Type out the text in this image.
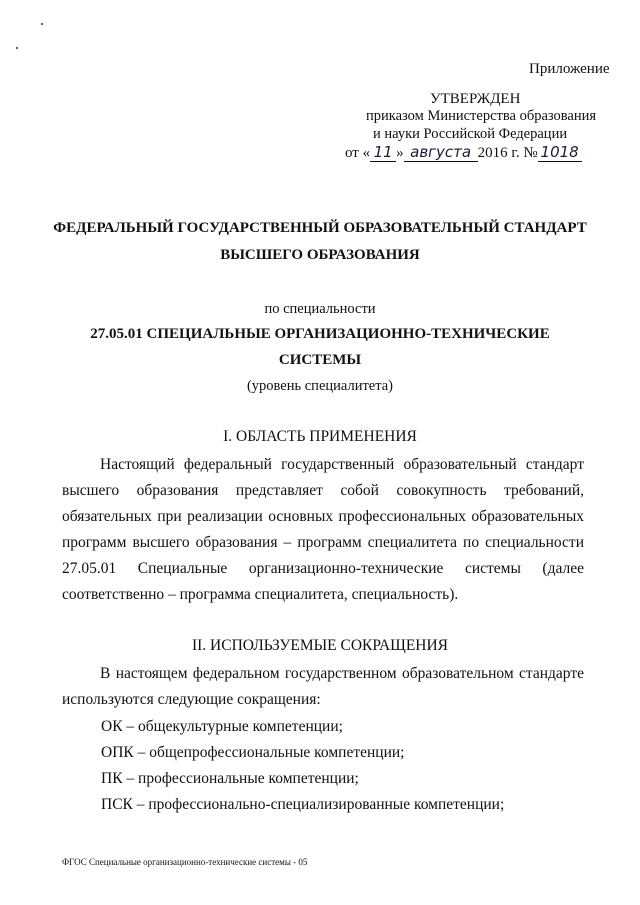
Приложение
УТВЕРЖДЕН
приказом Министерства образования
и науки Российской Федерации
от « 11 » августа 2016 г. № 1018
ФЕДЕРАЛЬНЫЙ ГОСУДАРСТВЕННЫЙ ОБРАЗОВАТЕЛЬНЫЙ СТАНДАРТ
ВЫСШЕГО ОБРАЗОВАНИЯ
по специальности
27.05.01 СПЕЦИАЛЬНЫЕ ОРГАНИЗАЦИОННО-ТЕХНИЧЕСКИЕ
СИСТЕМЫ
(уровень специалитета)
I. ОБЛАСТЬ ПРИМЕНЕНИЯ
Настоящий федеральный государственный образовательный стандарт высшего образования представляет собой совокупность требований, обязательных при реализации основных профессиональных образовательных программ высшего образования – программ специалитета по специальности 27.05.01 Специальные организационно-технические системы (далее соответственно – программа специалитета, специальность).
II. ИСПОЛЬЗУЕМЫЕ СОКРАЩЕНИЯ
В настоящем федеральном государственном образовательном стандарте используются следующие сокращения:
ОК – общекультурные компетенции;
ОПК – общепрофессиональные компетенции;
ПК – профессиональные компетенции;
ПСК – профессионально-специализированные компетенции;
ФГОС Специальные организационно-технические системы - 05
